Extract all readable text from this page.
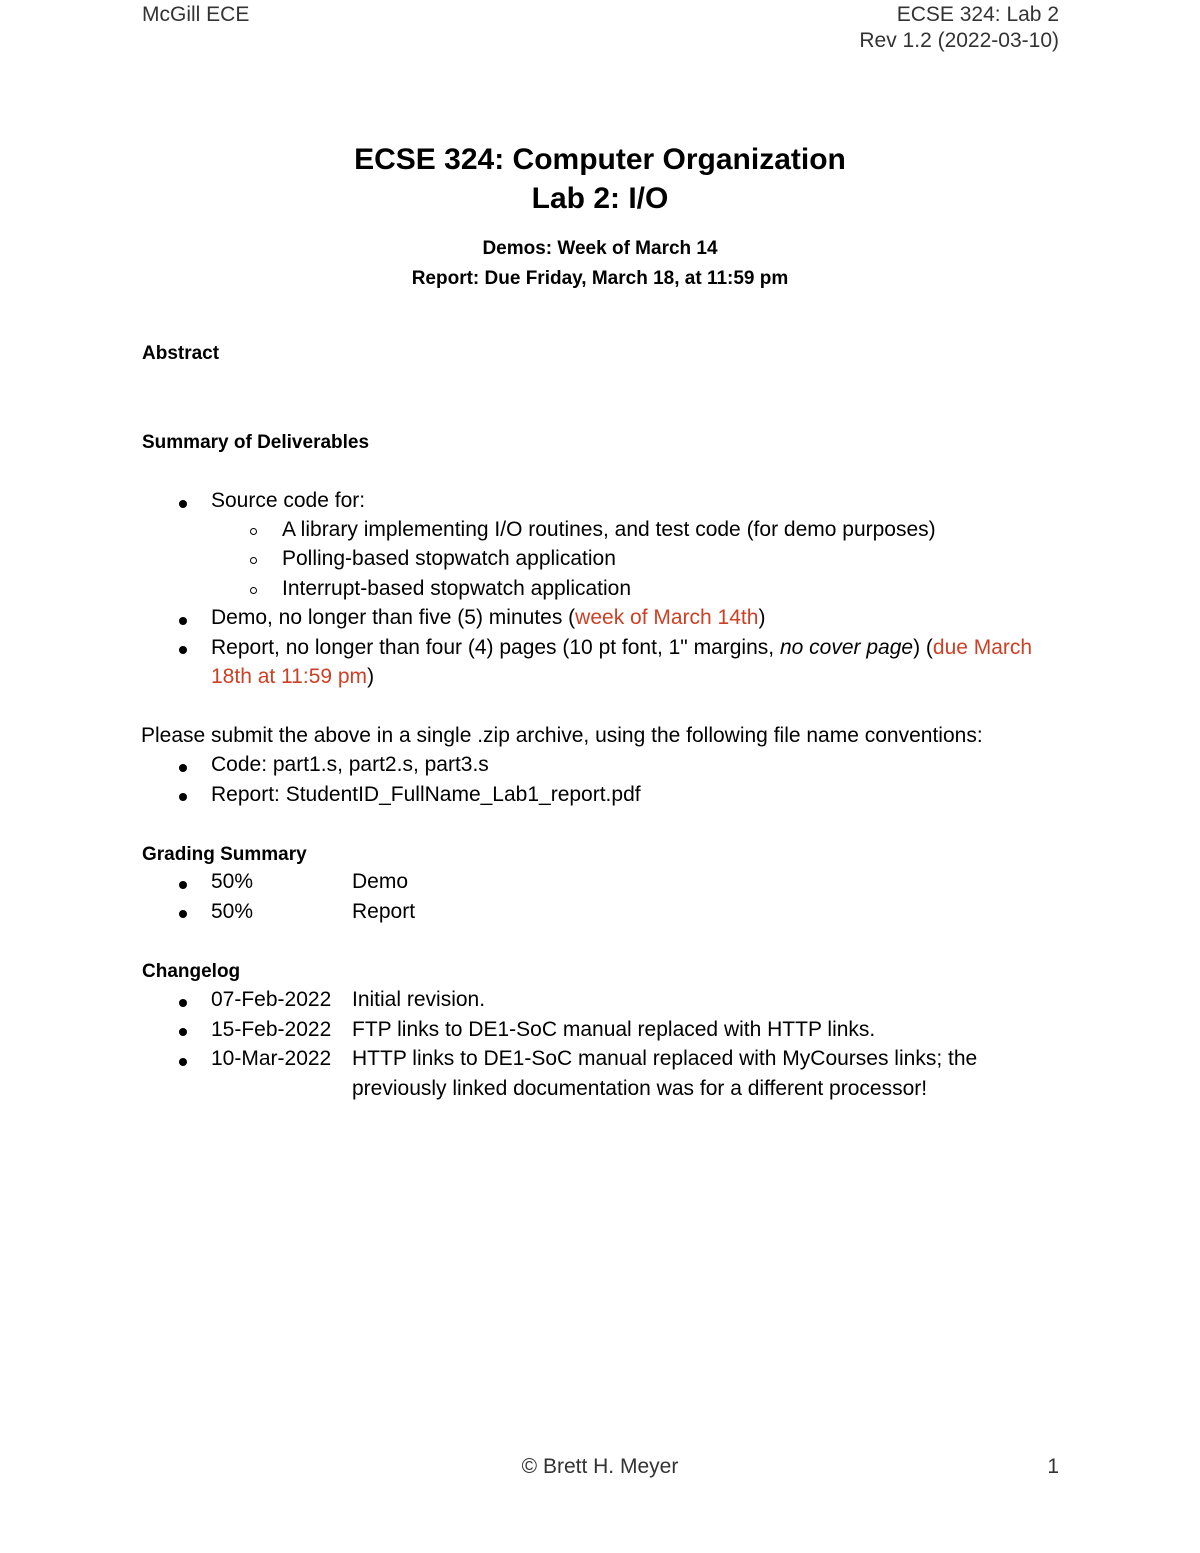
McGill ECE	ECSE 324: Lab 2
Rev 1.2 (2022-03-10)
ECSE 324: Computer Organization
Lab 2: I/O
Demos: Week of March 14
Report: Due Friday, March 18, at 11:59 pm
Abstract
Summary of Deliverables
Source code for:
A library implementing I/O routines, and test code (for demo purposes)
Polling-based stopwatch application
Interrupt-based stopwatch application
Demo, no longer than five (5) minutes (week of March 14th)
Report, no longer than four (4) pages (10 pt font, 1" margins, no cover page) (due March
18th at 11:59 pm)
Please submit the above in a single .zip archive, using the following file name conventions:
Code: part1.s, part2.s, part3.s
Report: StudentID_FullName_Lab1_report.pdf
Grading Summary
50%	Demo
50%	Report
Changelog
07-Feb-2022 Initial revision.
15-Feb-2022 FTP links to DE1-SoC manual replaced with HTTP links.
10-Mar-2022 HTTP links to DE1-SoC manual replaced with MyCourses links; the
previously linked documentation was for a different processor!
© Brett H. Meyer	1
